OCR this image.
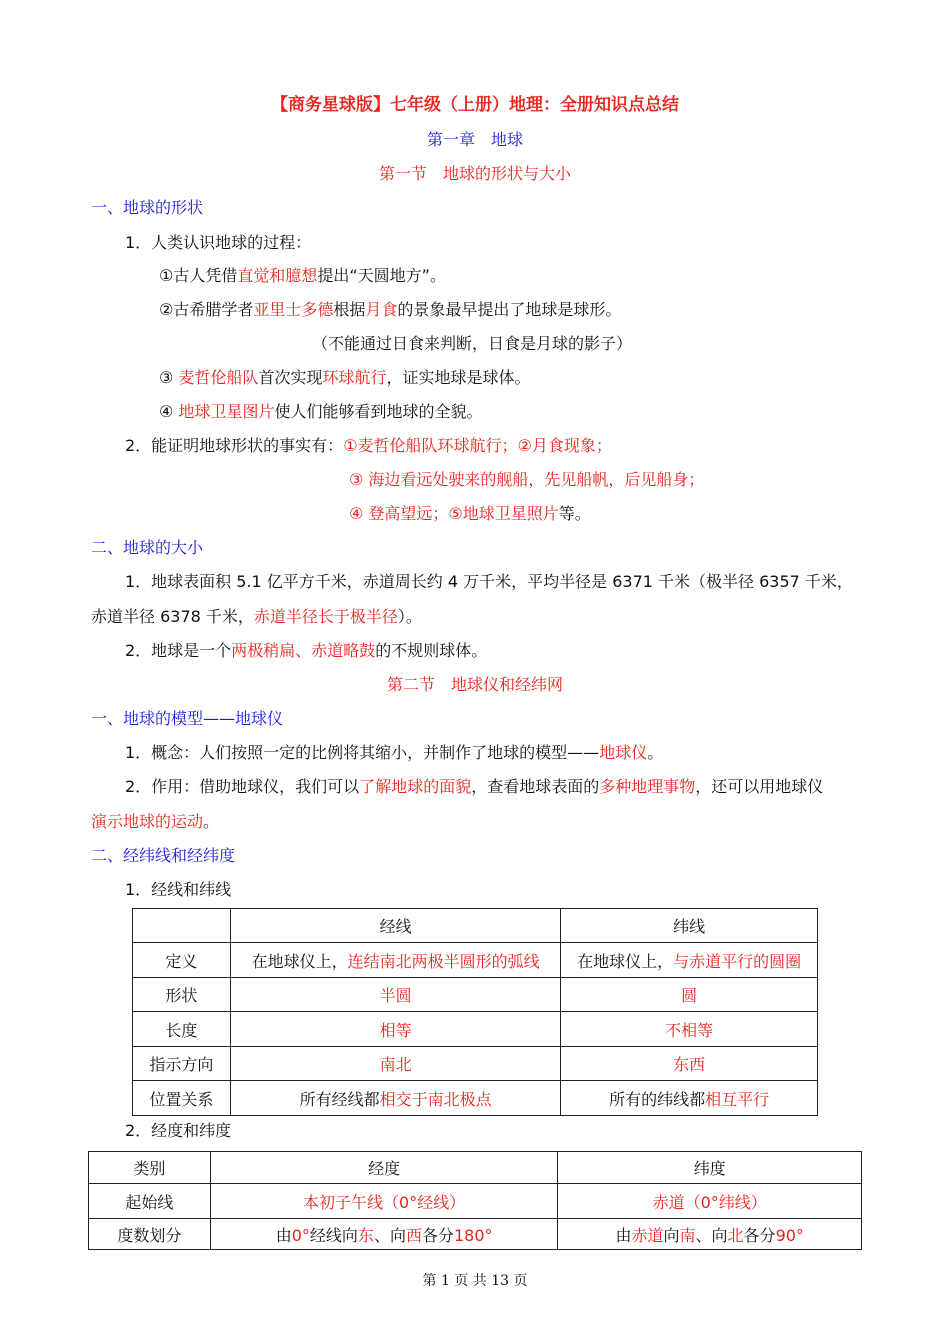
【商务星球版】七年级（上册）地理：全册知识点总结
第一章　地球
第一节　地球的形状与大小
一、地球的形状
1．人类认识地球的过程：
①古人凭借直觉和臆想提出“天圆地方”。
②古希腊学者亚里士多德根据月食的景象最早提出了地球是球形。
（不能通过日食来判断，日食是月球的影子）
③ 麦哲伦船队首次实现环球航行，证实地球是球体。
④ 地球卫星图片使人们能够看到地球的全貌。
2．能证明地球形状的事实有：①麦哲伦船队环球航行；②月食现象；
③ 海边看远处驶来的舰船，先见船帆，后见船身；
④ 登高望远；⑤地球卫星照片等。
二、地球的大小
1．地球表面积 5.1 亿平方千米，赤道周长约 4 万千米，平均半径是 6371 千米（极半径 6357 千米，
赤道半径 6378 千米，赤道半径长于极半径）。
2．地球是一个两极稍扁、赤道略鼓的不规则球体。
第二节　地球仪和经纬网
一、地球的模型——地球仪
1．概念：人们按照一定的比例将其缩小，并制作了地球的模型——地球仪。
2．作用：借助地球仪，我们可以了解地球的面貌，查看地球表面的多种地理事物，还可以用地球仪
演示地球的运动。
二、经纬线和经纬度
1．经线和纬线
	经线	纬线
定义	在地球仪上，连结南北两极半圆形的弧线	在地球仪上，与赤道平行的圆圈
形状	半圆	圆
长度	相等	不相等
指示方向	南北	东西
位置关系	所有经线都相交于南北极点	所有的纬线都相互平行
2．经度和纬度
类别	经度	纬度
起始线	本初子午线（0°经线）	赤道（0°纬线）
度数划分	由0°经线向东、向西各分180°	由赤道向南、向北各分90°
第 1 页 共 13 页
